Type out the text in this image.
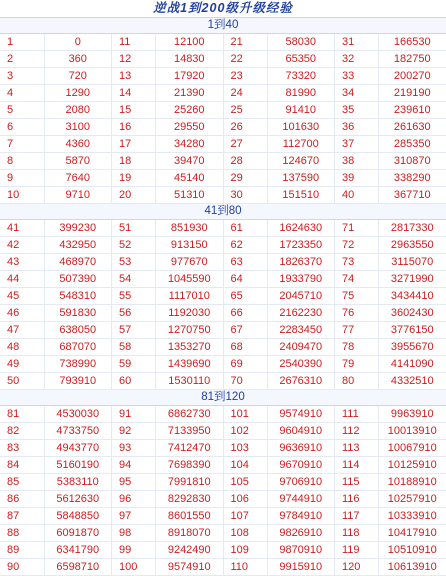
逆战1到200级升级经验
1到40
1	0	11	12100	21	58030	31	166530
2	360	12	14830	22	65350	32	182750
3	720	13	17920	23	73320	33	200270
4	1290	14	21390	24	81990	34	219190
5	2080	15	25260	25	91410	35	239610
6	3100	16	29550	26	101630	36	261630
7	4360	17	34280	27	112700	37	285350
8	5870	18	39470	28	124670	38	310870
9	7640	19	45140	29	137590	39	338290
10	9710	20	51310	30	151510	40	367710
41到80
41	399230	51	851930	61	1624630	71	2817330
42	432950	52	913150	62	1723350	72	2963550
43	468970	53	977670	63	1826370	73	3115070
44	507390	54	1045590	64	1933790	74	3271990
45	548310	55	1117010	65	2045710	75	3434410
46	591830	56	1192030	66	2162230	76	3602430
47	638050	57	1270750	67	2283450	77	3776150
48	687070	58	1353270	68	2409470	78	3955670
49	738990	59	1439690	69	2540390	79	4141090
50	793910	60	1530110	70	2676310	80	4332510
81到120
81	4530030	91	6862730	101	9574910	111	9963910
82	4733750	92	7133950	102	9604910	112	10013910
83	4943770	93	7412470	103	9636910	113	10067910
84	5160190	94	7698390	104	9670910	114	10125910
85	5383110	95	7991810	105	9706910	115	10188910
86	5612630	96	8292830	106	9744910	116	10257910
87	5848850	97	8601550	107	9784910	117	10333910
88	6091870	98	8918070	108	9826910	118	10417910
89	6341790	99	9242490	109	9870910	119	10510910
90	6598710	100	9574910	110	9915910	120	10613910
